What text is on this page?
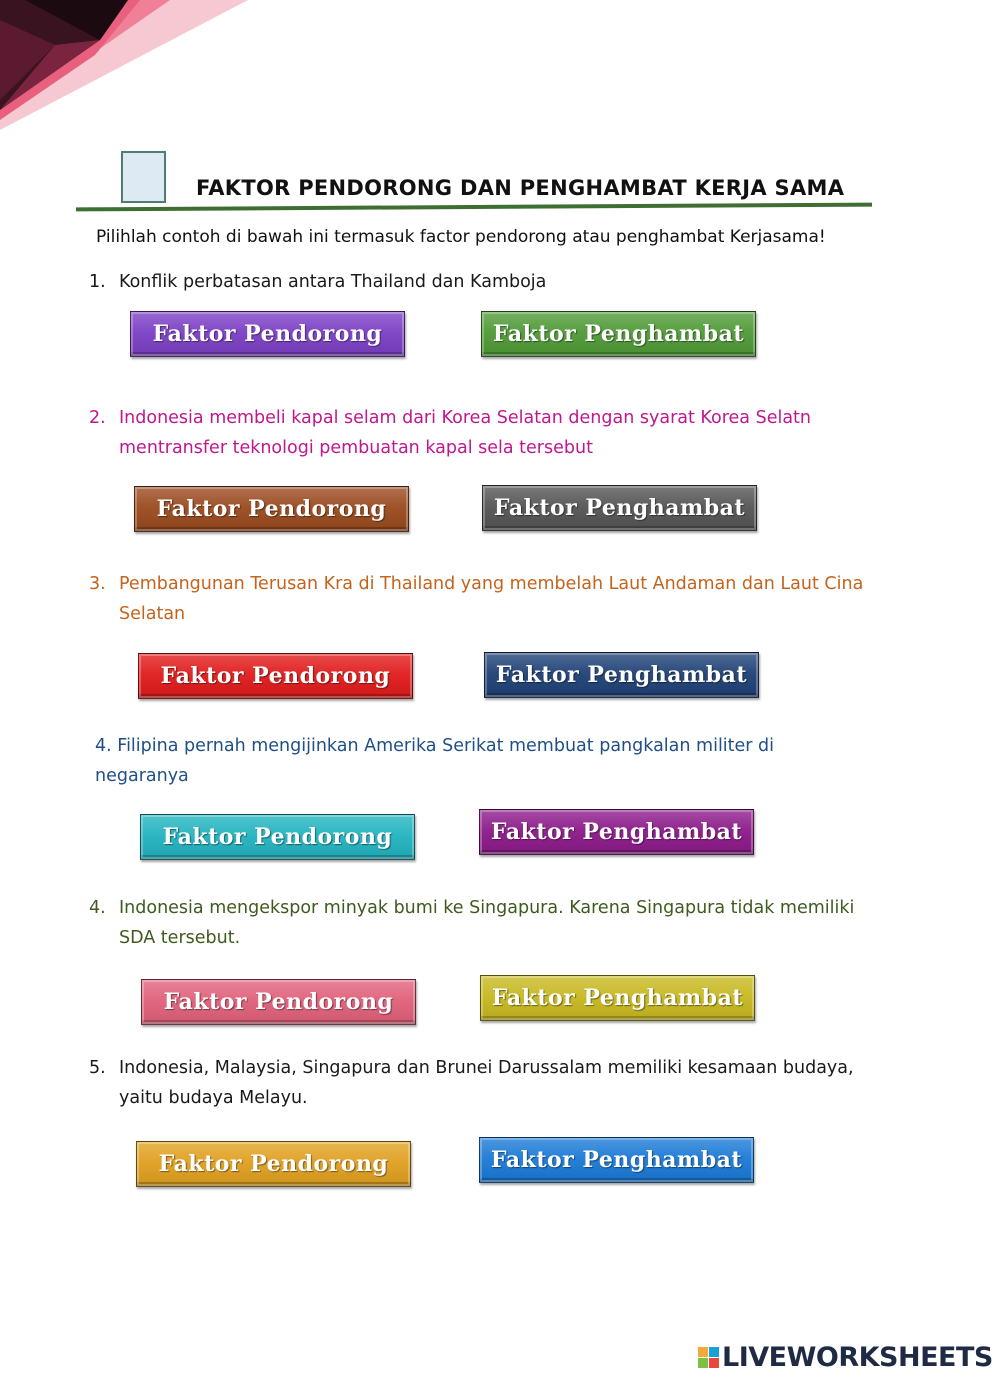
FAKTOR PENDORONG DAN PENGHAMBAT KERJA SAMA
Pilihlah contoh di bawah ini termasuk factor pendorong atau penghambat Kerjasama!
1. Konflik perbatasan antara Thailand dan Kamboja
Faktor Pendorong	Faktor Penghambat
2. Indonesia membeli kapal selam dari Korea Selatan dengan syarat Korea Selatn
mentransfer teknologi pembuatan kapal sela tersebut
Faktor Pendorong	Faktor Penghambat
3. Pembangunan Terusan Kra di Thailand yang membelah Laut Andaman dan Laut Cina
Selatan
Faktor Pendorong	Faktor Penghambat
4. Filipina pernah mengijinkan Amerika Serikat membuat pangkalan militer di
negaranya
Faktor Pendorong	Faktor Penghambat
4. Indonesia mengekspor minyak bumi ke Singapura. Karena Singapura tidak memiliki
SDA tersebut.
Faktor Pendorong	Faktor Penghambat
5. Indonesia, Malaysia, Singapura dan Brunei Darussalam memiliki kesamaan budaya,
yaitu budaya Melayu.
Faktor Pendorong	Faktor Penghambat
LIVEWORKSHEETS
